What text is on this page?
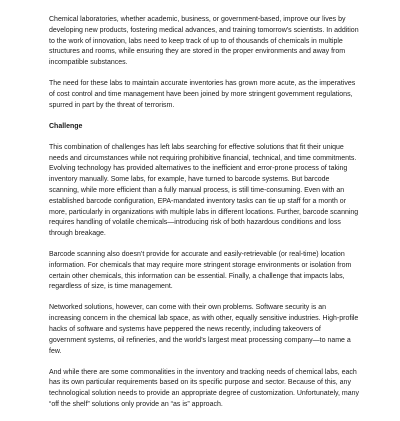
Chemical laboratories, whether academic, business, or government-based, improve our lives by developing new products, fostering medical advances, and training tomorrow’s scientists. In addition to the work of innovation, labs need to keep track of up to of thousands of chemicals in multiple structures and rooms, while ensuring they are stored in the proper environments and away from incompatible substances.

The need for these labs to maintain accurate inventories has grown more acute, as the imperatives of cost control and time management have been joined by more stringent government regulations, spurred in part by the threat of terrorism.

Challenge

This combination of challenges has left labs searching for effective solutions that fit their unique needs and circumstances while not requiring prohibitive financial, technical, and time commitments. Evolving technology has provided alternatives to the inefficient and error-prone process of taking inventory manually. Some labs, for example, have turned to barcode systems. But barcode scanning, while more efficient than a fully manual process, is still time-consuming. Even with an established barcode configuration, EPA-mandated inventory tasks can tie up staff for a month or more, particularly in organizations with multiple labs in different locations. Further, barcode scanning requires handling of volatile chemicals—introducing risk of both hazardous conditions and loss through breakage.

Barcode scanning also doesn’t provide for accurate and easily-retrievable (or real-time) location information. For chemicals that may require more stringent storage environments or isolation from certain other chemicals, this information can be essential. Finally, a challenge that impacts labs, regardless of size, is time management.

Networked solutions, however, can come with their own problems. Software security is an increasing concern in the chemical lab space, as with other, equally sensitive industries. High-profile hacks of software and systems have peppered the news recently, including takeovers of government systems, oil refineries, and the world’s largest meat processing company—to name a few.

And while there are some commonalities in the inventory and tracking needs of chemical labs, each has its own particular requirements based on its specific purpose and sector. Because of this, any technological solution needs to provide an appropriate degree of customization. Unfortunately, many “off the shelf” solutions only provide an “as is” approach.
